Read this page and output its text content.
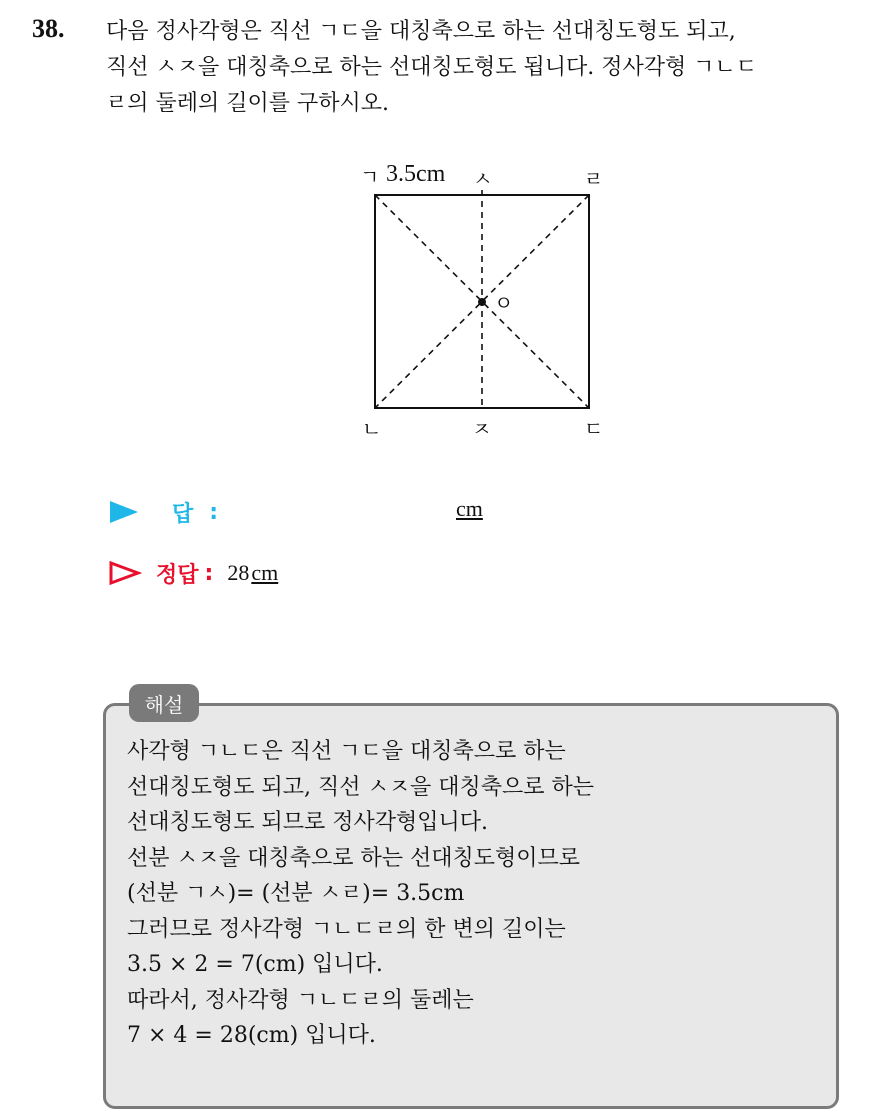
38. 다음 정사각형은 직선 ㄱㄷ을 대칭축으로 하는 선대칭도형도 되고,
직선 ㅅㅈ을 대칭축으로 하는 선대칭도형도 됩니다. 정사각형 ㄱㄴㄷ
ㄹ의 둘레의 길이를 구하시오.

ㄱ	ㅅ	ㄹ
ㄴ	ㅈ	ㄷ
ㅇ
3.5cm
답 :	cm
정답 : 28cm
해설
사각형 ㄱㄴㄷ은 직선 ㄱㄷ을 대칭축으로 하는
선대칭도형도 되고, 직선 ㅅㅈ을 대칭축으로 하는
선대칭도형도 되므로 정사각형입니다.
선분 ㅅㅈ을 대칭축으로 하는 선대칭도형이므로
(선분 ㄱㅅ)= (선분 ㅅㄹ)= 3.5cm
그러므로 정사각형 ㄱㄴㄷㄹ의 한 변의 길이는
3.5 × 2 = 7(cm) 입니다.
따라서, 정사각형 ㄱㄴㄷㄹ의 둘레는
7 × 4 = 28(cm) 입니다.
